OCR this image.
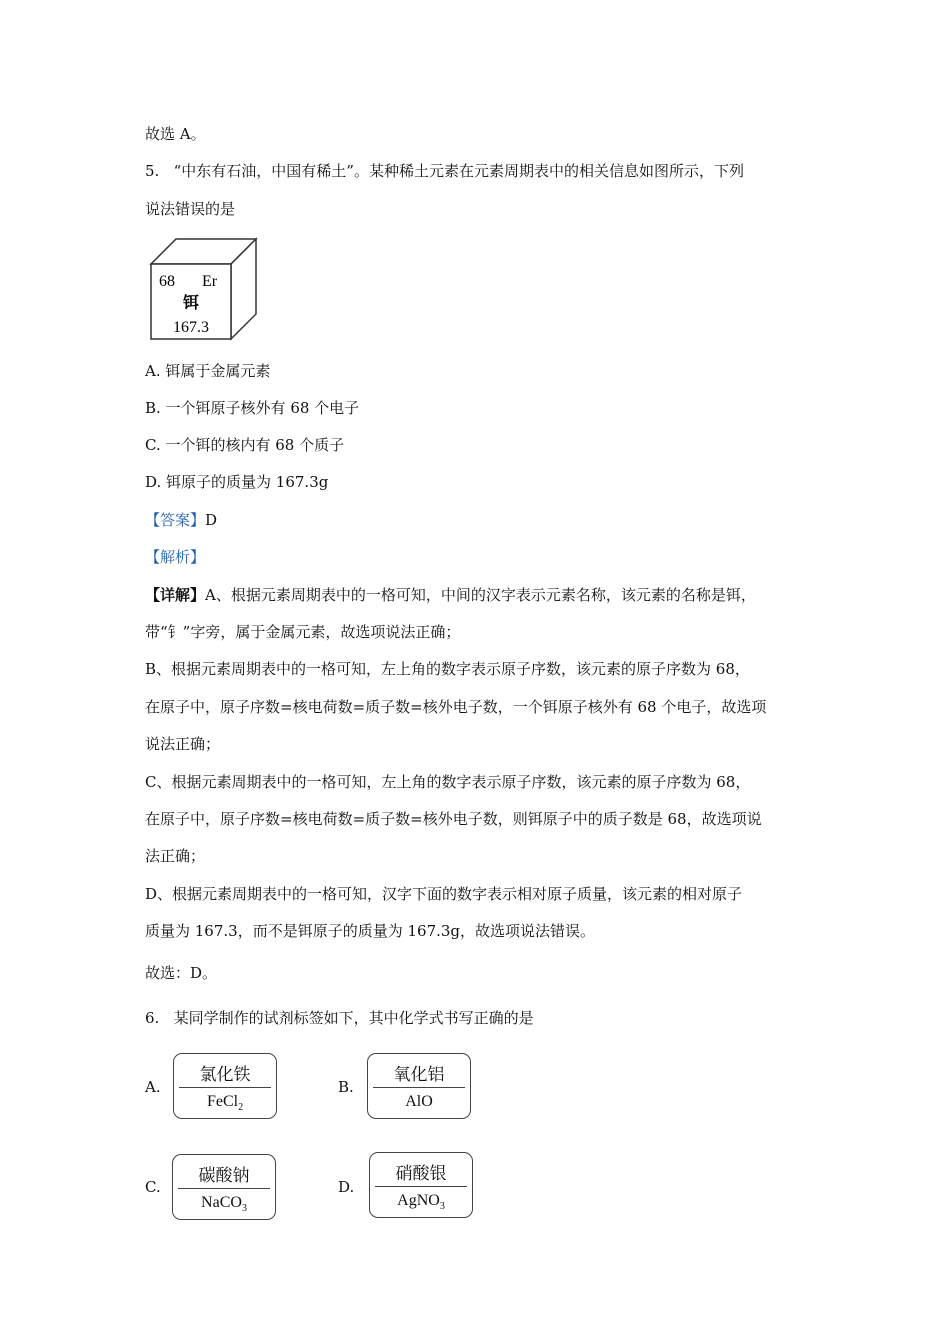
故选 A。
5. “中东有石油，中国有稀土”。某种稀土元素在元素周期表中的相关信息如图所示，下列
说法错误的是
68 Er
铒
167.3
A. 铒属于金属元素
B. 一个铒原子核外有 68 个电子
C. 一个铒的核内有 68 个质子
D. 铒原子的质量为 167.3g
【答案】D
【解析】
【详解】A、根据元素周期表中的一格可知，中间的汉字表示元素名称，该元素的名称是铒，
带“钅”字旁，属于金属元素，故选项说法正确；
B、根据元素周期表中的一格可知，左上角的数字表示原子序数，该元素的原子序数为 68，
在原子中，原子序数=核电荷数=质子数=核外电子数，一个铒原子核外有 68 个电子，故选项
说法正确；
C、根据元素周期表中的一格可知，左上角的数字表示原子序数，该元素的原子序数为 68，
在原子中，原子序数=核电荷数=质子数=核外电子数，则铒原子中的质子数是 68，故选项说
法正确；
D、根据元素周期表中的一格可知，汉字下面的数字表示相对原子质量，该元素的相对原子
质量为 167.3，而不是铒原子的质量为 167.3g，故选项说法错误。
故选：D。
6. 某同学制作的试剂标签如下，其中化学式书写正确的是
A.
氯化铁
FeCl$_2$
B.
氧化铝
AlO
C.
碳酸钠
NaCO$_3$
D.
硝酸银
AgNO$_3$
